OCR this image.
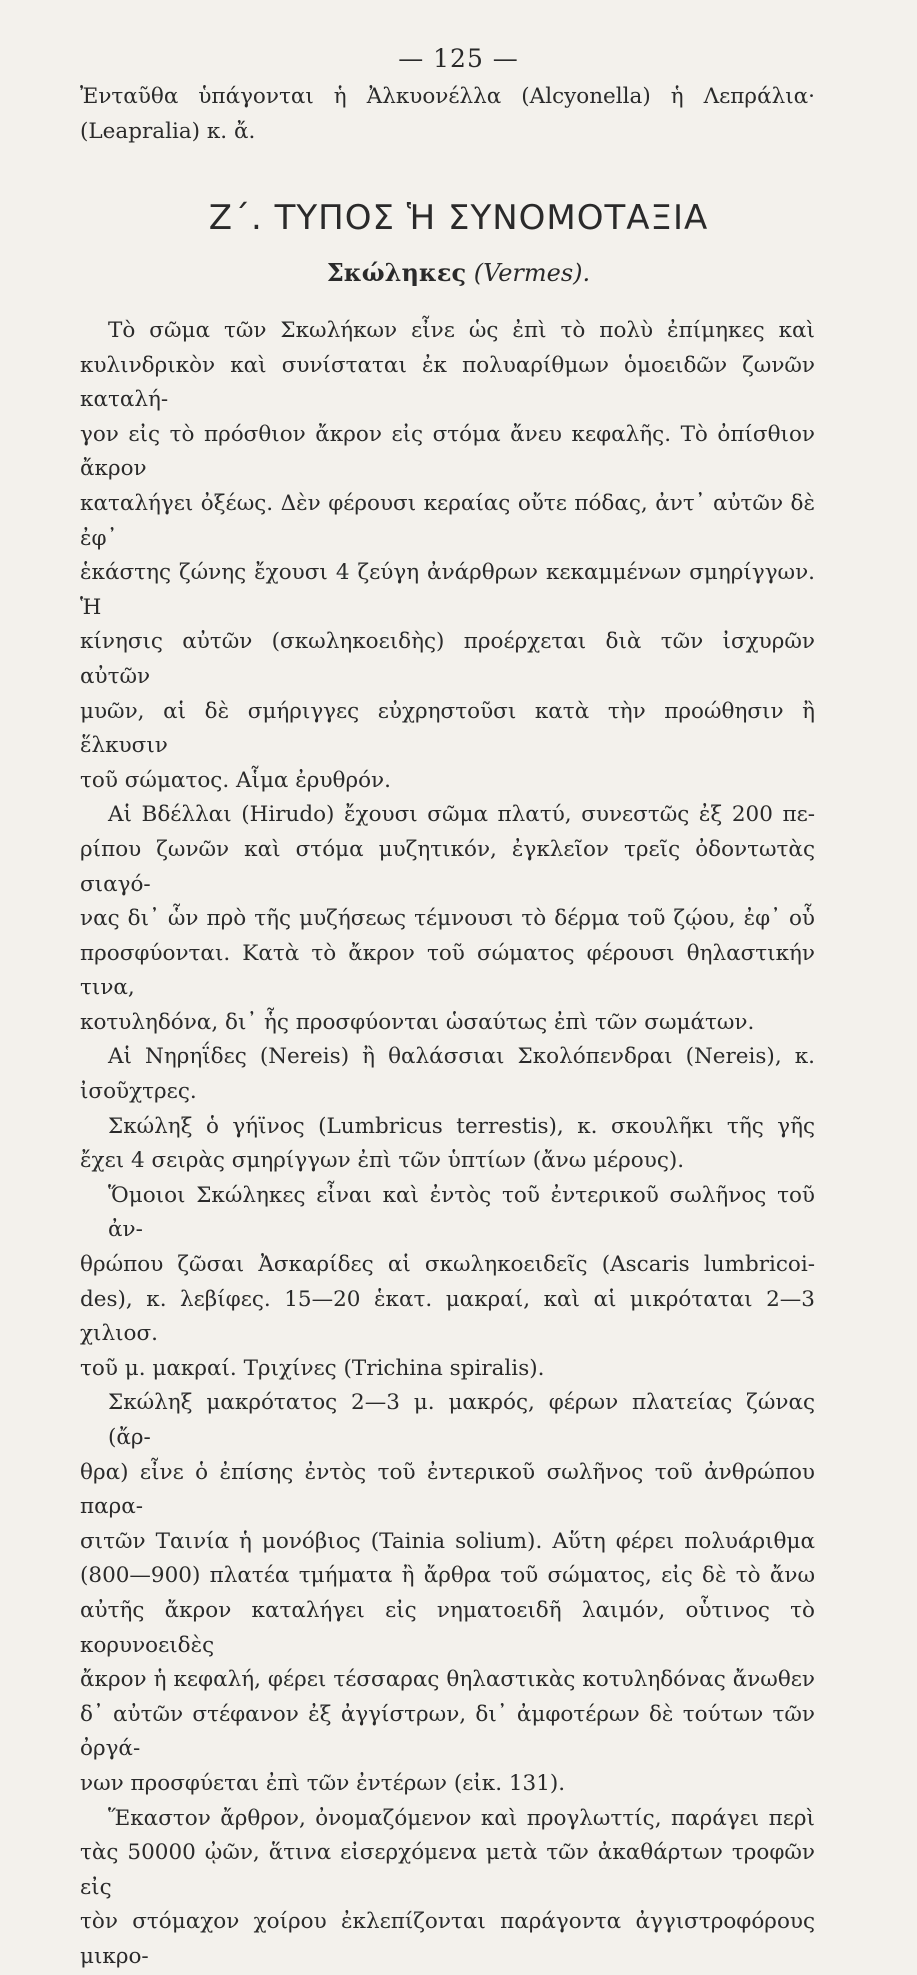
— 125 —

Ἐνταῦθα ὑπάγονται ἡ Ἀλκυονέλλα (Alcyonella) ἡ Λεπράλια·

(Leapralia) κ. ἄ.

Ζ΄. ΤΥΠΟΣ Ἡ ΣΥΝΟΜΟΤΑΞΙΑ
Σκώληκες (Vermes).

Τὸ σῶμα τῶν Σκωλήκων εἶνε ὡς ἐπὶ τὸ πολὺ ἐπίμηκες καὶ

κυλινδρικὸν καὶ συνίσταται ἐκ πολυαρίθμων ὁμοειδῶν ζωνῶν καταλή-

γον εἰς τὸ πρόσθιον ἄκρον εἰς στόμα ἄνευ κεφαλῆς. Τὸ ὀπίσθιον ἄκρον

καταλήγει ὀξέως. Δὲν φέρουσι κεραίας οὔτε πόδας, ἀντ᾽ αὐτῶν δὲ ἐφ᾽

ἑκάστης ζώνης ἔχουσι 4 ζεύγη ἀνάρθρων κεκαμμένων σμηρίγγων. Ἡ

κίνησις αὐτῶν (σκωληκοειδὴς) προέρχεται διὰ τῶν ἰσχυρῶν αὐτῶν

μυῶν, αἱ δὲ σμήριγγες εὐχρηστοῦσι κατὰ τὴν προώθησιν ἢ ἕλκυσιν

τοῦ σώματος. Αἷμα ἐρυθρόν.

Αἱ Βδέλλαι (Hirudo) ἔχουσι σῶμα πλατύ, συνεστῶς ἐξ 200 πε-

ρίπου ζωνῶν καὶ στόμα μυζητικόν, ἐγκλεῖον τρεῖς ὀδοντωτὰς σιαγό-

νας δι᾽ ὧν πρὸ τῆς μυζήσεως τέμνουσι τὸ δέρμα τοῦ ζῴου, ἐφ᾽ οὗ

προσφύονται. Κατὰ τὸ ἄκρον τοῦ σώματος φέρουσι θηλαστικήν τινα,

κοτυληδόνα, δι᾽ ἧς προσφύονται ὡσαύτως ἐπὶ τῶν σωμάτων.

Αἱ Νηρηΐδες (Nereis) ἢ θαλάσσιαι Σκολόπενδραι (Nereis), κ.

ἰσοῦχτρες.

Σκώληξ ὁ γήϊνος (Lumbricus terrestis), κ. σκουλῆκι τῆς γῆς

ἔχει 4 σειρὰς σμηρίγγων ἐπὶ τῶν ὑπτίων (ἄνω μέρους).

Ὅμοιοι Σκώληκες εἶναι καὶ ἐντὸς τοῦ ἐντερικοῦ σωλῆνος τοῦ ἀν-

θρώπου ζῶσαι Ἀσκαρίδες αἱ σκωληκοειδεῖς (Ascaris lumbricoi-

des), κ. λεβίφες. 15—20 ἑκατ. μακραί, καὶ αἱ μικρόταται 2—3 χιλιοσ.

τοῦ μ. μακραί. Τριχίνες (Trichina spiralis).

Σκώληξ μακρότατος 2—3 μ. μακρός, φέρων πλατείας ζώνας (ἄρ-

θρα) εἶνε ὁ ἐπίσης ἐντὸς τοῦ ἐντερικοῦ σωλῆνος τοῦ ἀνθρώπου παρα-

σιτῶν Ταινία ἡ μονόβιος (Tainia solium). Αὕτη φέρει πολυάριθμα

(800—900) πλατέα τμήματα ἢ ἄρθρα τοῦ σώματος, εἰς δὲ τὸ ἄνω

αὐτῆς ἄκρον καταλήγει εἰς νηματοειδῆ λαιμόν, οὗτινος τὸ κορυνοειδὲς

ἄκρον ἡ κεφαλή, φέρει τέσσαρας θηλαστικὰς κοτυληδόνας ἄνωθεν

δ᾽ αὐτῶν στέφανον ἐξ ἀγγίστρων, δι᾽ ἀμφοτέρων δὲ τούτων τῶν ὀργά-

νων προσφύεται ἐπὶ τῶν ἐντέρων (εἰκ. 131).

Ἕκαστον ἄρθρον, ὀνομαζόμενον καὶ προγλωττίς, παράγει περὶ

τὰς 50000 ᾠῶν, ἅτινα εἰσερχόμενα μετὰ τῶν ἀκαθάρτων τροφῶν εἰς

τὸν στόμαχον χοίρου ἐκλεπίζονται παράγοντα ἀγγιστροφόρους μικρο-
